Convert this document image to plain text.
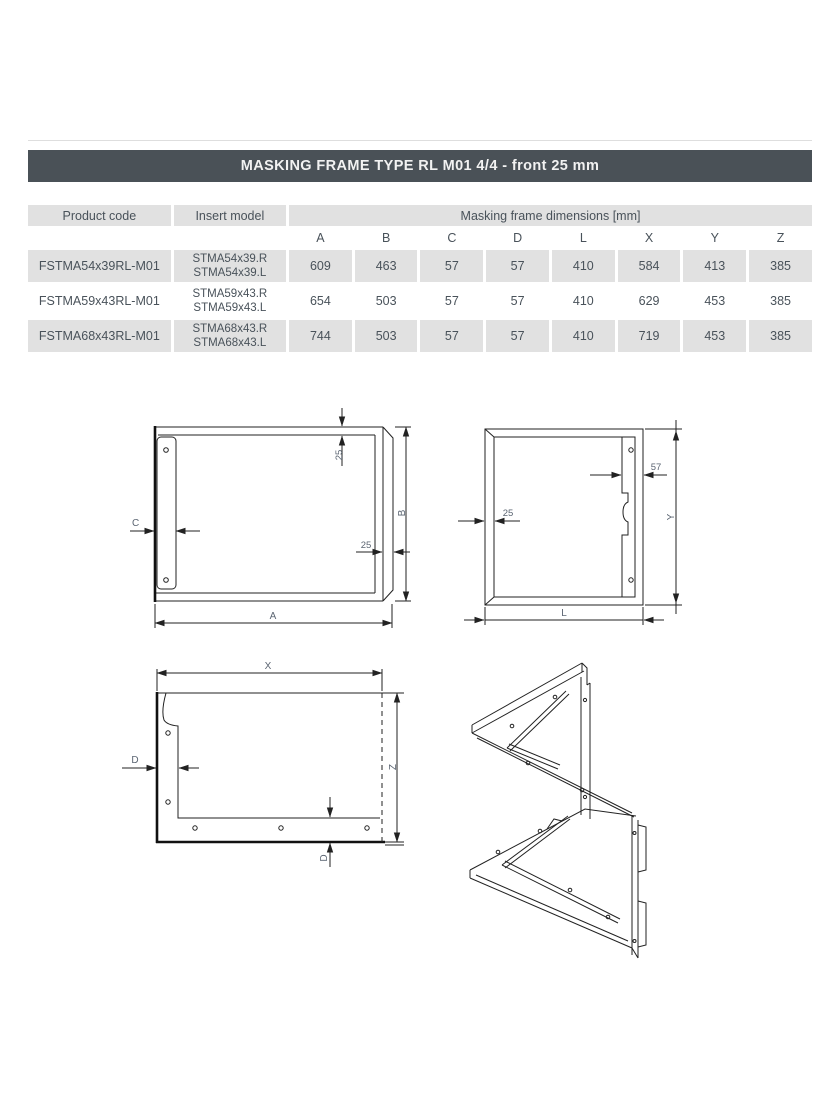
MASKING FRAME TYPE RL M01 4/4 - front 25 mm
Product code	Insert model	Masking frame dimensions [mm]							
		A	B	C	D	L	X	Y	Z
FSTMA54x39RL-M01	STMA54x39.R
STMA54x39.L	609	463	57	57	410	584	413	385
FSTMA59x43RL-M01	STMA59x43.R
STMA59x43.L	654	503	57	57	410	629	453	385
FSTMA68x43RL-M01	STMA68x43.R
STMA68x43.L	744	503	57	57	410	719	453	385
C
25
25
B
A
57
25	Y
L
X
D
D
Z
